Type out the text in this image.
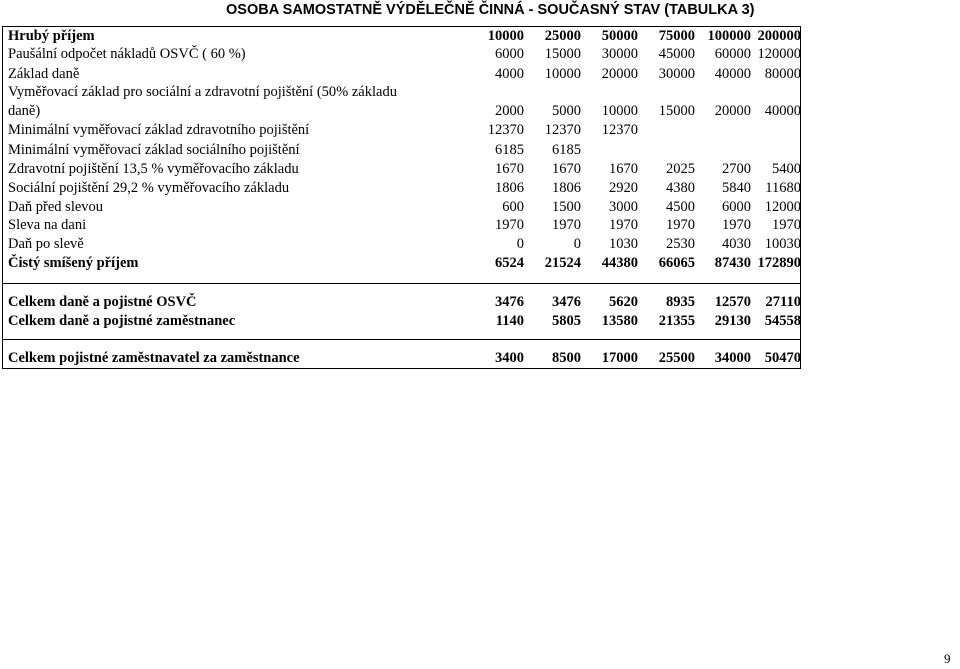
OSOBA SAMOSTATNĚ VÝDĚLEČNĚ ČINNÁ - SOUČASNÝ STAV (TABULKA 3)
Hrubý příjem	10000	25000	50000	75000 100000 200000
Paušální odpočet nákladů OSVČ ( 60 %)	6000	15000	30000	45000	60000 120000
Základ daně	4000	10000	20000	30000	40000 80000
Vyměřovací základ pro sociální a zdravotní pojištění (50% základu
daně)	2000	5000	10000	15000	20000 40000
Minimální vyměřovací základ zdravotního pojištění	12370	12370	12370
Minimální vyměřovací základ sociálního pojištění	6185	6185
Zdravotní pojištění 13,5 % vyměřovacího základu	1670	1670	1670	2025	2700	5400
Sociální pojištění 29,2 % vyměřovacího základu	1806	1806	2920	4380	5840 11680
Daň před slevou	600	1500	3000	4500	6000 12000
Sleva na dani	1970	1970	1970	1970	1970	1970
Daň po slevě	0	0	1030	2530	4030 10030
Čistý smíšený příjem	6524	21524	44380	66065	87430 172890
Celkem daně a pojistné OSVČ	3476	3476	5620	8935	12570	27110
Celkem daně a pojistné zaměstnanec	1140	5805	13580	21355	29130 54558
Celkem pojistné zaměstnavatel za zaměstnance	3400	8500	17000	25500	34000 50470
9
